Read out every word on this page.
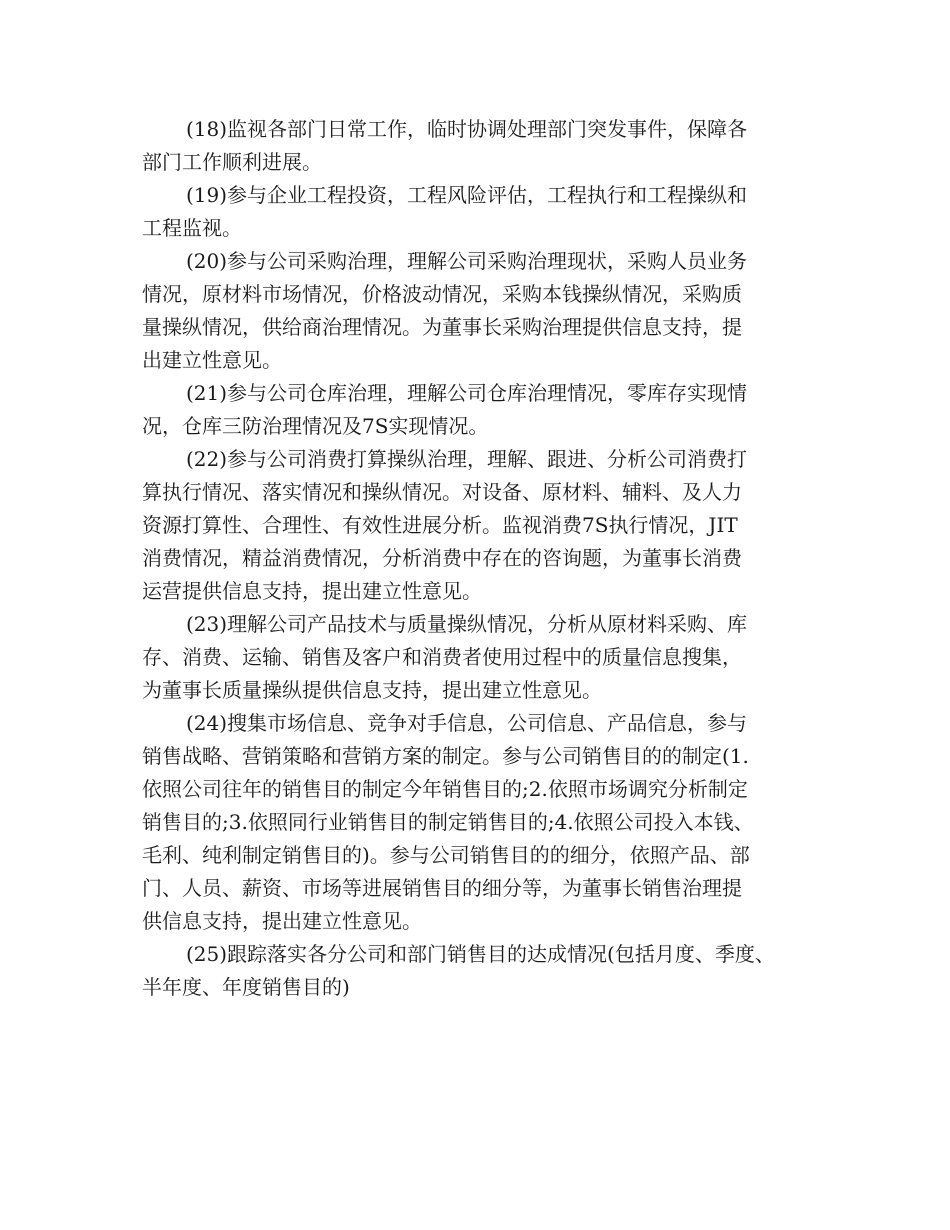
(18)监视各部门日常工作，临时协调处理部门突发事件，保障各
部门工作顺利进展。
(19)参与企业工程投资，工程风险评估，工程执行和工程操纵和
工程监视。
(20)参与公司采购治理，理解公司采购治理现状，采购人员业务
情况，原材料市场情况，价格波动情况，采购本钱操纵情况，采购质
量操纵情况，供给商治理情况。为董事长采购治理提供信息支持，提
出建立性意见。
(21)参与公司仓库治理，理解公司仓库治理情况，零库存实现情
况，仓库三防治理情况及7S实现情况。
(22)参与公司消费打算操纵治理，理解、跟进、分析公司消费打
算执行情况、落实情况和操纵情况。对设备、原材料、辅料、及人力
资源打算性、合理性、有效性进展分析。监视消费7S执行情况，JIT
消费情况，精益消费情况，分析消费中存在的咨询题，为董事长消费
运营提供信息支持，提出建立性意见。
(23)理解公司产品技术与质量操纵情况，分析从原材料采购、库
存、消费、运输、销售及客户和消费者使用过程中的质量信息搜集，
为董事长质量操纵提供信息支持，提出建立性意见。
(24)搜集市场信息、竞争对手信息，公司信息、产品信息，参与
销售战略、营销策略和营销方案的制定。参与公司销售目的的制定(1.
依照公司往年的销售目的制定今年销售目的;2.依照市场调究分析制定
销售目的;3.依照同行业销售目的制定销售目的;4.依照公司投入本钱、
毛利、纯利制定销售目的)。参与公司销售目的的细分，依照产品、部
门、人员、薪资、市场等进展销售目的细分等，为董事长销售治理提
供信息支持，提出建立性意见。
(25)跟踪落实各分公司和部门销售目的达成情况(包括月度、季度、
半年度、年度销售目的)
